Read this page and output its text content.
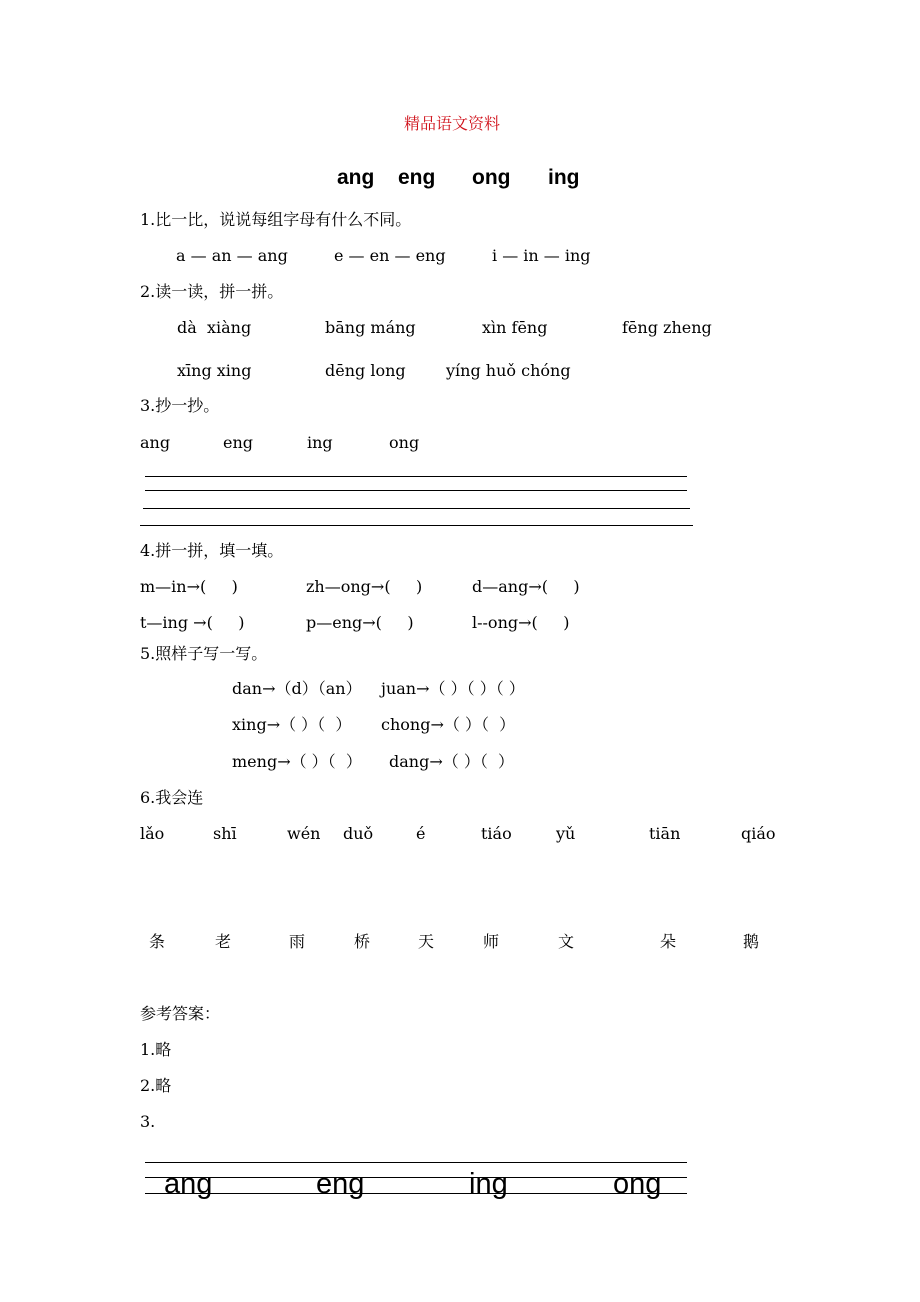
精品语文资料
ang eng ong ing
1.比一比，说说每组字母有什么不同。
a — an — ang	e — en — eng	i — in — ing
2.读一读，拼一拼。
dà  xiàng	bāng máng	xìn fēng	fēng zheng
xīng xing	dēng long	yíng huǒ chóng
3.抄一抄。
ang	eng	ing	ong
4.拼一拼，填一填。
m—in→(     )	zh—ong→(     )	d—ang→(     )
t—ing →(     )	p—eng→(     )	l--ong→(     )
5.照样子写一写。
dan→（d）（an） juan→（ ）（ ）（ ）
xing→（ ）（  ） chong→（ ）（  ）
meng→（ ）（  ） dang→（ ）（  ）
6.我会连
lǎo	shī	wén duǒ	é	tiáo	yǔ	tiān	qiáo
条	老	雨	桥	天	师	文	朵	鹅
参考答案：
1.略
2.略
3.
ang	eng	ing	ong
